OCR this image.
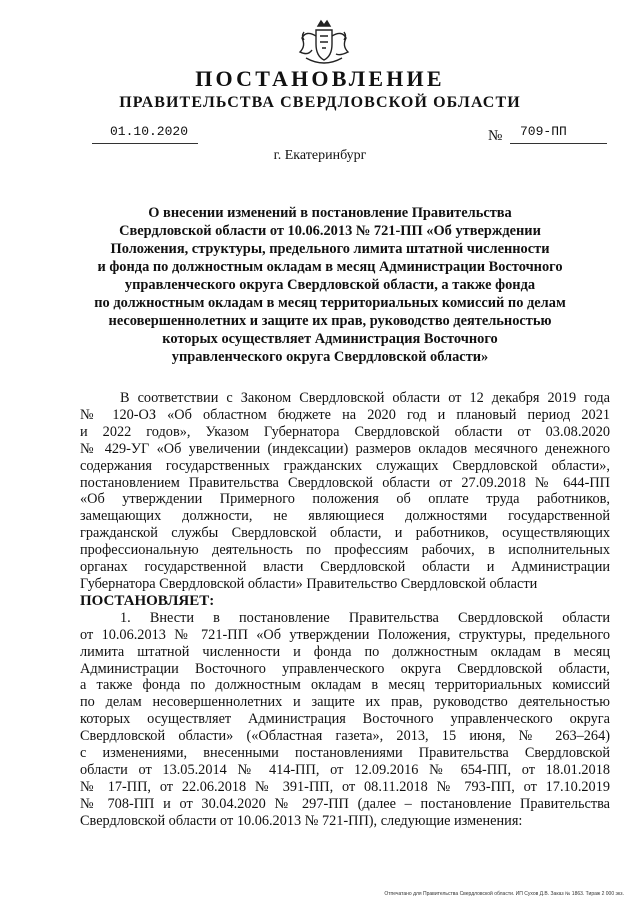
ПОСТАНОВЛЕНИЕ
ПРАВИТЕЛЬСТВА СВЕРДЛОВСКОЙ ОБЛАСТИ
01.10.2020	№ 709-ПП
г. Екатеринбург
О внесении изменений в постановление Правительства
Свердловской области от 10.06.2013 № 721-ПП «Об утверждении
Положения, структуры, предельного лимита штатной численности
и фонда по должностным окладам в месяц Администрации Восточного
управленческого округа Свердловской области, а также фонда
по должностным окладам в месяц территориальных комиссий по делам
несовершеннолетних и защите их прав, руководство деятельностью
которых осуществляет Администрация Восточного
управленческого округа Свердловской области»
В соответствии с Законом Свердловской области от 12 декабря 2019 года
№ 120-ОЗ «Об областном бюджете на 2020 год и плановый период 2021
и 2022 годов», Указом Губернатора Свердловской области от 03.08.2020
№ 429-УГ «Об увеличении (индексации) размеров окладов месячного денежного
содержания государственных гражданских служащих Свердловской области»,
постановлением Правительства Свердловской области от 27.09.2018 № 644-ПП
«Об утверждении Примерного положения об оплате труда работников,
замещающих должности, не являющиеся должностями государственной
гражданской службы Свердловской области, и работников, осуществляющих
профессиональную деятельность по профессиям рабочих, в исполнительных
органах государственной власти Свердловской области и Администрации
Губернатора Свердловской области» Правительство Свердловской области
ПОСТАНОВЛЯЕТ:
1. Внести в постановление Правительства Свердловской области
от 10.06.2013 № 721-ПП «Об утверждении Положения, структуры, предельного
лимита штатной численности и фонда по должностным окладам в месяц
Администрации Восточного управленческого округа Свердловской области,
а также фонда по должностным окладам в месяц территориальных комиссий
по делам несовершеннолетних и защите их прав, руководство деятельностью
которых осуществляет Администрация Восточного управленческого округа
Свердловской области» («Областная газета», 2013, 15 июня, № 263–264)
с изменениями, внесенными постановлениями Правительства Свердловской
области от 13.05.2014 № 414-ПП, от 12.09.2016 № 654-ПП, от 18.01.2018
№ 17-ПП, от 22.06.2018 № 391-ПП, от 08.11.2018 № 793-ПП, от 17.10.2019
№ 708-ПП и от 30.04.2020 № 297-ПП (далее – постановление Правительства
Свердловской области от 10.06.2013 № 721-ПП), следующие изменения:
Отпечатано для Правительства Свердловской области. ИП Сухов Д.В. Заказ № 1863. Тираж 2 000 экз.
